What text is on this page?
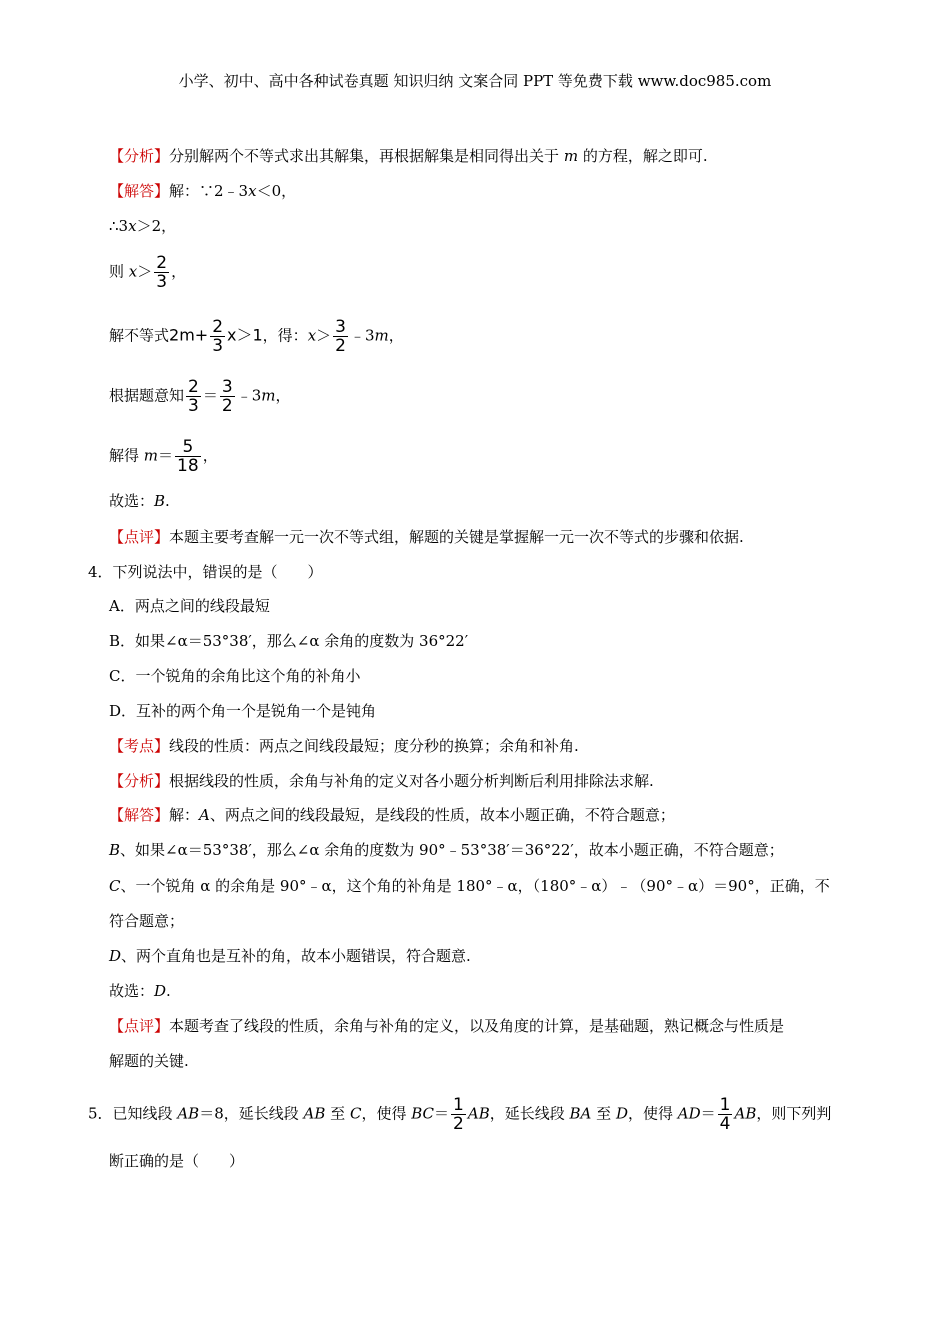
小学、初中、高中各种试卷真题 知识归纳 文案合同 PPT 等免费下载 www.doc985.com
【分析】分别解两个不等式求出其解集，再根据解集是相同得出关于 m 的方程，解之即可.
【解答】解：∵2﹣3x＜0，
∴3x＞2，
则 $x> \frac{2}{3}$ ，
解不等式$2m+ \frac{2}{3} x>1$，得：$x> \frac{3}{2}$ ﹣3m，
根据题意知 $\frac{2}{3} = \frac{3}{2}$ ﹣3m，
解得 $m= \frac{5}{18}$ ，
故选：B.
【点评】本题主要考查解一元一次不等式组，解题的关键是掌握解一元一次不等式的步骤和依据.
4．下列说法中，错误的是（　　）
A．两点之间的线段最短
B．如果∠α＝53°38′，那么∠α 余角的度数为 36°22′
C．一个锐角的余角比这个角的补角小
D．互补的两个角一个是锐角一个是钝角
【考点】线段的性质：两点之间线段最短；度分秒的换算；余角和补角.
【分析】根据线段的性质，余角与补角的定义对各小题分析判断后利用排除法求解.
【解答】解：A、两点之间的线段最短，是线段的性质，故本小题正确，不符合题意；
B、如果∠α＝53°38′，那么∠α 余角的度数为 90°﹣53°38′＝36°22′，故本小题正确，不符合题意；
C、一个锐角 α 的余角是 90°﹣α，这个角的补角是 180°﹣α，（180°﹣α）﹣（90°﹣α）＝90°，正确，不
符合题意；
D、两个直角也是互补的角，故本小题错误，符合题意.
故选：D.
【点评】本题考查了线段的性质，余角与补角的定义，以及角度的计算，是基础题，熟记概念与性质是
解题的关键.
5．已知线段 AB＝8，延长线段 AB 至 C，使得 $BC= \frac{1}{2}$ AB，延长线段 BA 至 D，使得 $AD= \frac{1}{4}$ AB，则下列判
断正确的是（　　）
